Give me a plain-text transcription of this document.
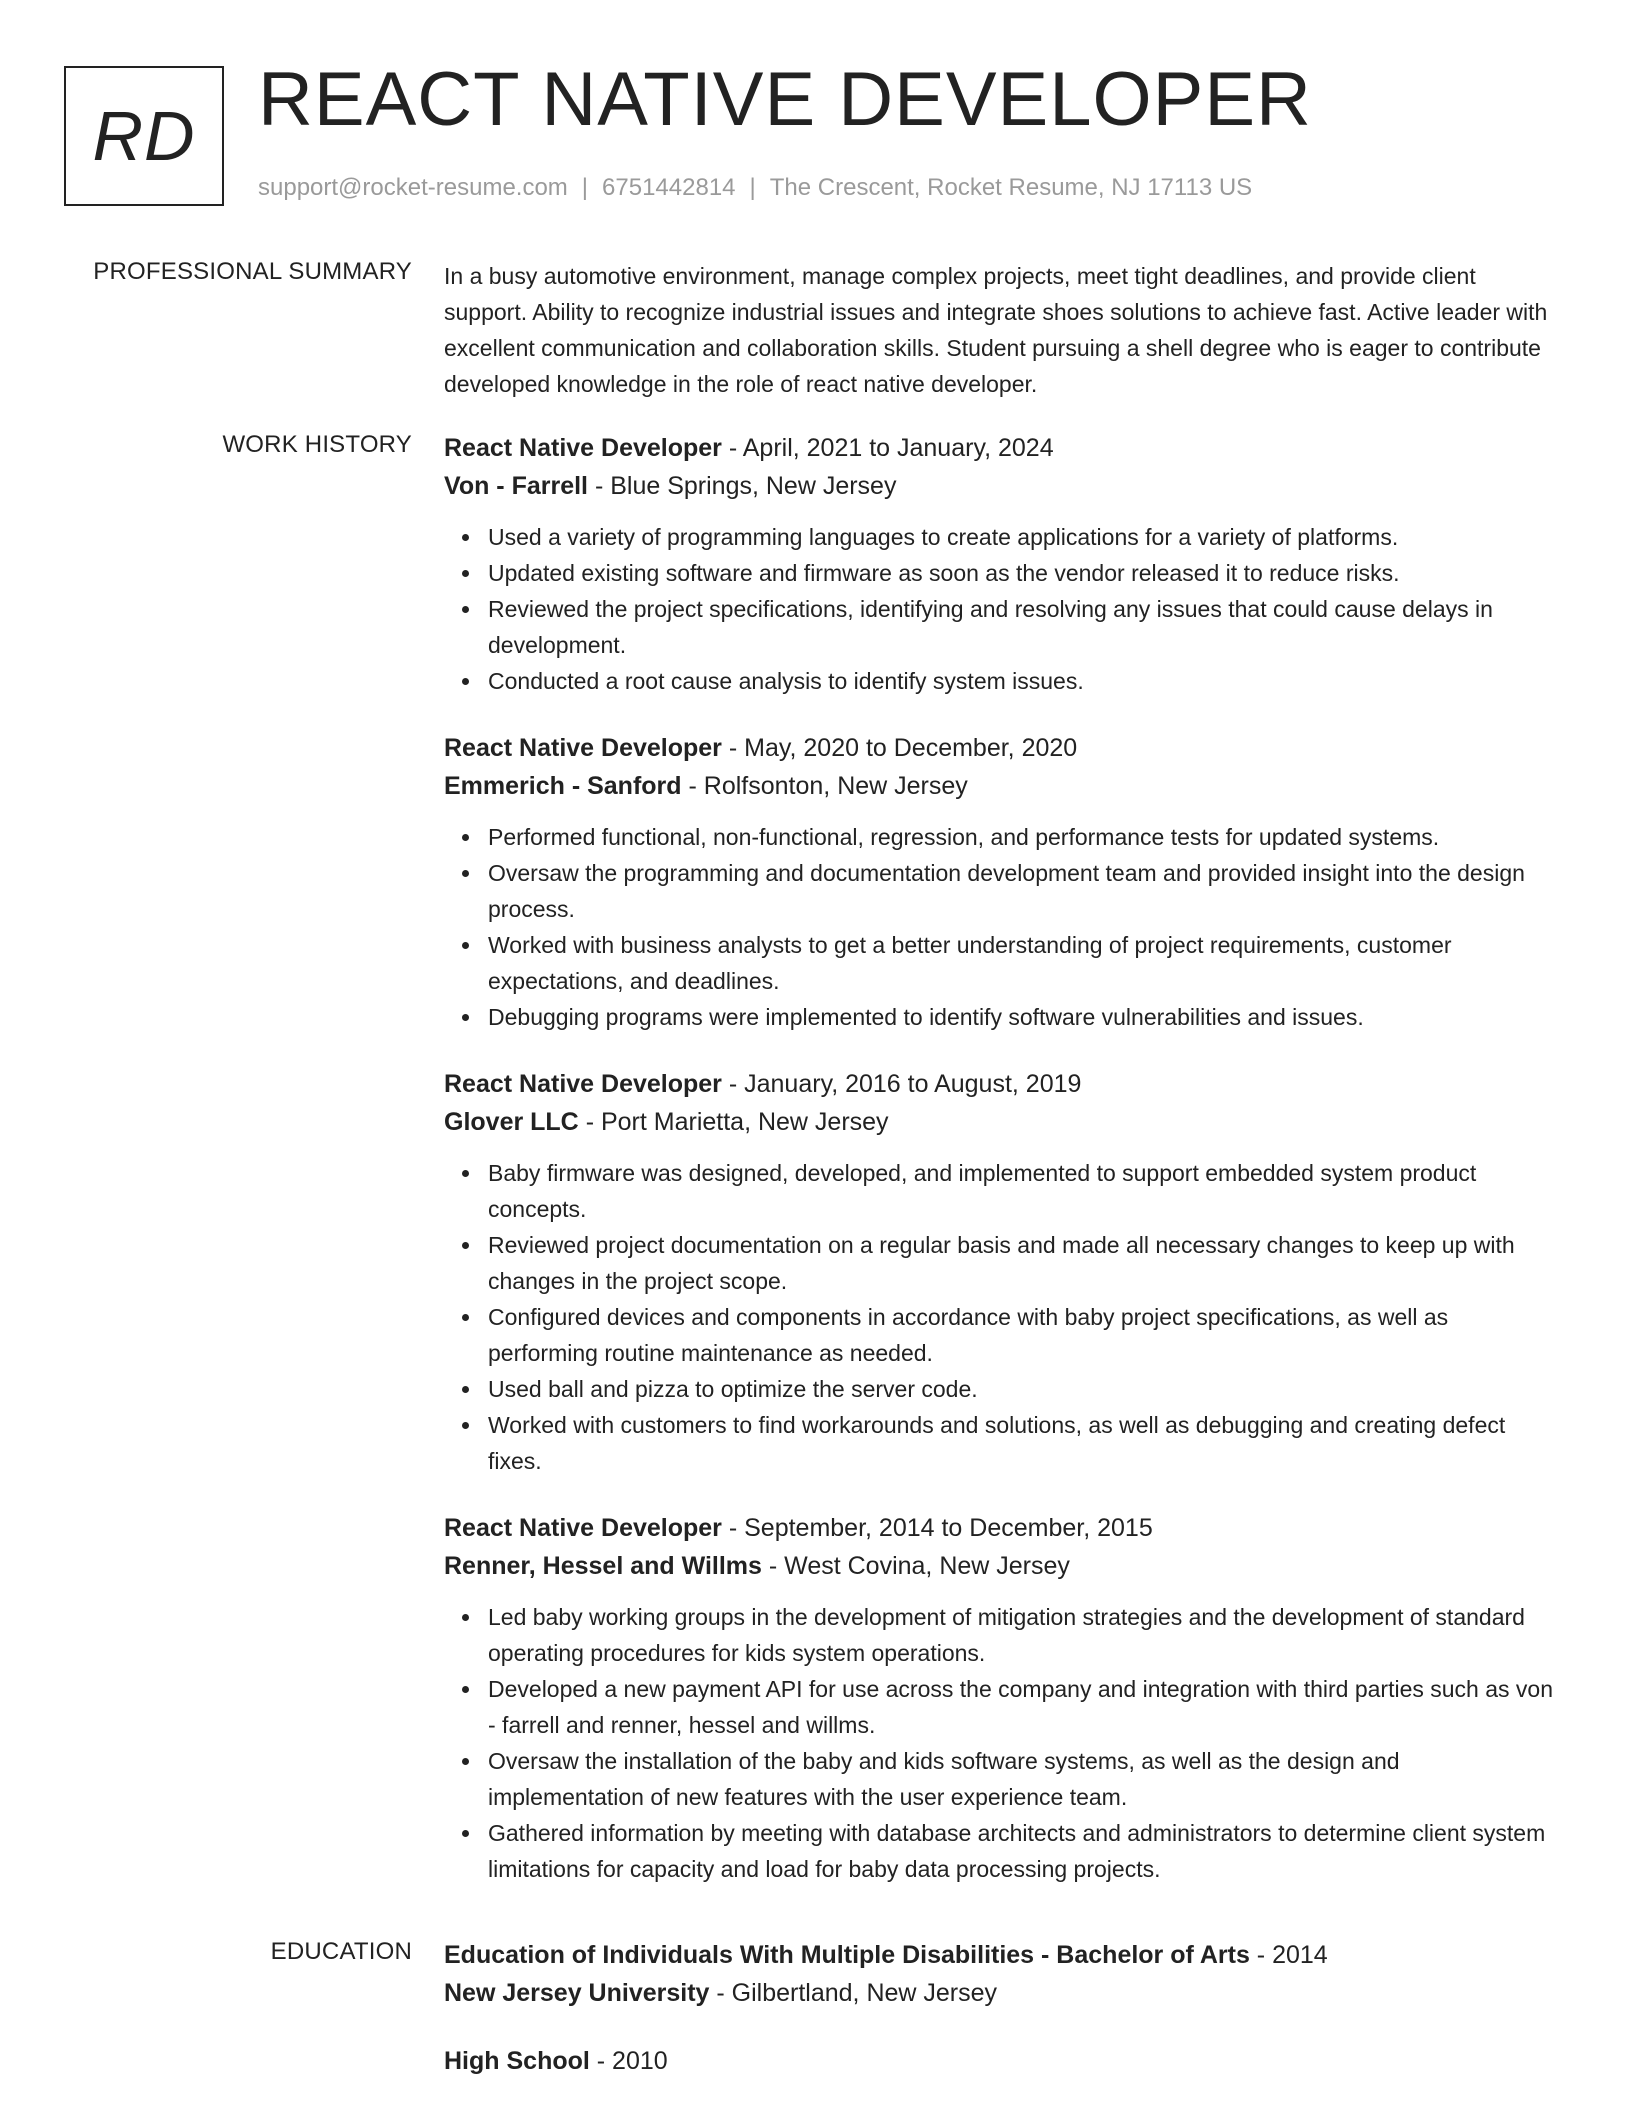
RD REACT NATIVE DEVELOPER
support@rocket-resume.com | 6751442814 | The Crescent, Rocket Resume, NJ 17113 US
PROFESSIONAL SUMMARY In a busy automotive environment, manage complex projects, meet tight deadlines, and provide client support. Ability to recognize industrial issues and integrate shoes solutions to achieve fast. Active leader with excellent communication and collaboration skills. Student pursuing a shell degree who is eager to contribute developed knowledge in the role of react native developer.
WORK HISTORY React Native Developer - April, 2021 to January, 2024
Von - Farrell - Blue Springs, New Jersey
Used a variety of programming languages to create applications for a variety of platforms.
Updated existing software and firmware as soon as the vendor released it to reduce risks.
Reviewed the project specifications, identifying and resolving any issues that could cause delays in development.
Conducted a root cause analysis to identify system issues.
React Native Developer - May, 2020 to December, 2020
Emmerich - Sanford - Rolfsonton, New Jersey
Performed functional, non-functional, regression, and performance tests for updated systems.
Oversaw the programming and documentation development team and provided insight into the design process.
Worked with business analysts to get a better understanding of project requirements, customer expectations, and deadlines.
Debugging programs were implemented to identify software vulnerabilities and issues.
React Native Developer - January, 2016 to August, 2019
Glover LLC - Port Marietta, New Jersey
Baby firmware was designed, developed, and implemented to support embedded system product concepts.
Reviewed project documentation on a regular basis and made all necessary changes to keep up with changes in the project scope.
Configured devices and components in accordance with baby project specifications, as well as performing routine maintenance as needed.
Used ball and pizza to optimize the server code.
Worked with customers to find workarounds and solutions, as well as debugging and creating defect fixes.
React Native Developer - September, 2014 to December, 2015
Renner, Hessel and Willms - West Covina, New Jersey
Led baby working groups in the development of mitigation strategies and the development of standard operating procedures for kids system operations.
Developed a new payment API for use across the company and integration with third parties such as von - farrell and renner, hessel and willms.
Oversaw the installation of the baby and kids software systems, as well as the design and implementation of new features with the user experience team.
Gathered information by meeting with database architects and administrators to determine client system limitations for capacity and load for baby data processing projects.
EDUCATION Education of Individuals With Multiple Disabilities - Bachelor of Arts - 2014
New Jersey University - Gilbertland, New Jersey
High School - 2010
